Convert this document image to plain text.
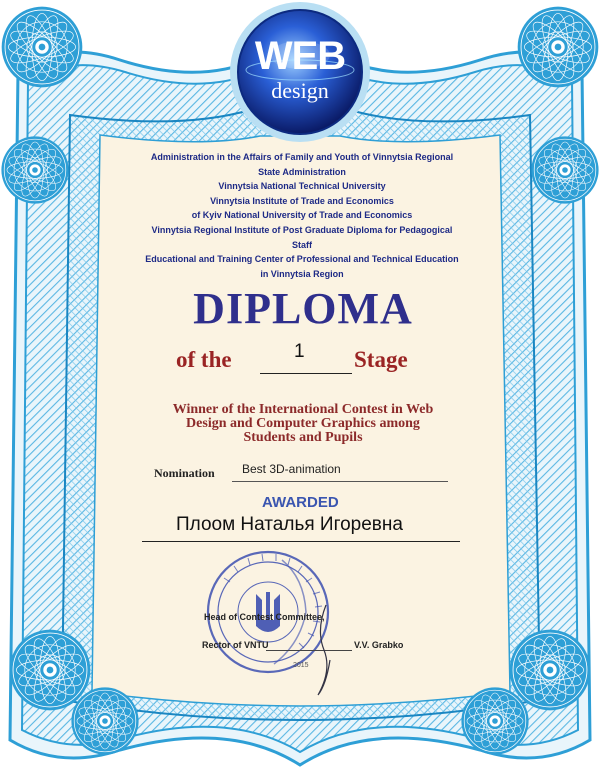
WEB
design
Administration in the Affairs of Family and Youth of Vinnytsia Regional
State Administration
Vinnytsia National Technical University
Vinnytsia Institute of Trade and Economics
of Kyiv National University of Trade and Economics
Vinnytsia Regional Institute of Post Graduate Diploma for Pedagogical
Staff
Educational and Training Center of Professional and Technical Education
in Vinnytsia Region
DIPLOMA
of the	1 Stage
Winner of the International Contest in Web
Design and Computer Graphics among
Students and Pupils
Nomination Best 3D-animation
AWARDED
Плоом Наталья Игоревна
Head of Contest Committee,
Rector of VNTU	V.V. Grabko
2015
